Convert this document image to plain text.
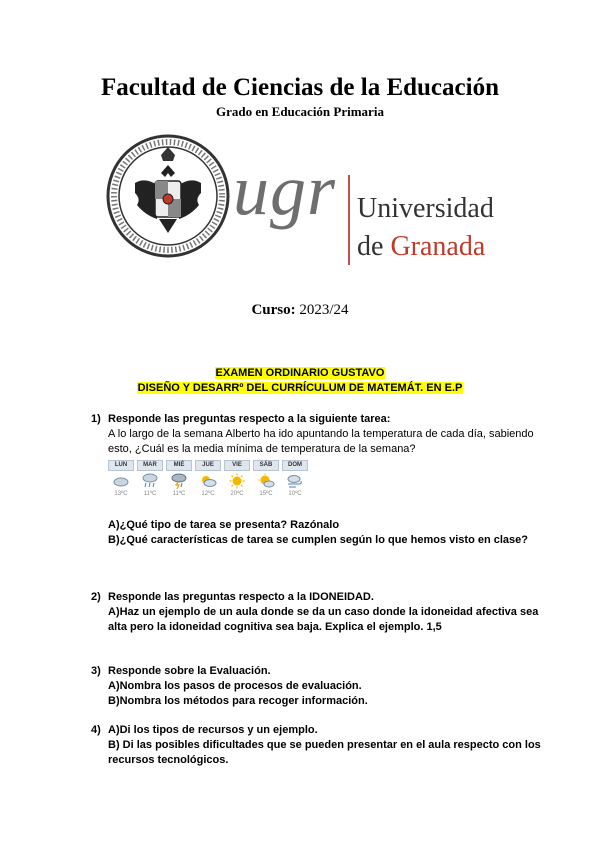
Facultad de Ciencias de la Educación
Grado en Educación Primaria
ugr Universidad
de Granada
Curso: 2023/24
EXAMEN ORDINARIO GUSTAVO
DISEÑO Y DESARRº DEL CURRÍCULUM DE MATEMÁT. EN E.P
1) Responde las preguntas respecto a la siguiente tarea:
A lo largo de la semana Alberto ha ido apuntando la temperatura de cada día, sabiendo esto, ¿Cuál es la media mínima de temperatura de la semana?
LUN
13ºC
MAR
11ºC
MIÉ
11ºC
JUE
12ºC
VIE
20ºC
SÁB
15ºC
DOM
10ºC
A)¿Qué tipo de tarea se presenta? Razónalo
B)¿Qué características de tarea se cumplen según lo que hemos visto en clase?
2) Responde las preguntas respecto a la IDONEIDAD.
A)Haz un ejemplo de un aula donde se da un caso donde la idoneidad afectiva sea alta pero la idoneidad cognitiva sea baja. Explica el ejemplo. 1,5
3) Responde sobre la Evaluación.
A)Nombra los pasos de procesos de evaluación.
B)Nombra los métodos para recoger información.
4) A)Di los tipos de recursos y un ejemplo.
B) Di las posibles dificultades que se pueden presentar en el aula respecto con los recursos tecnológicos.
